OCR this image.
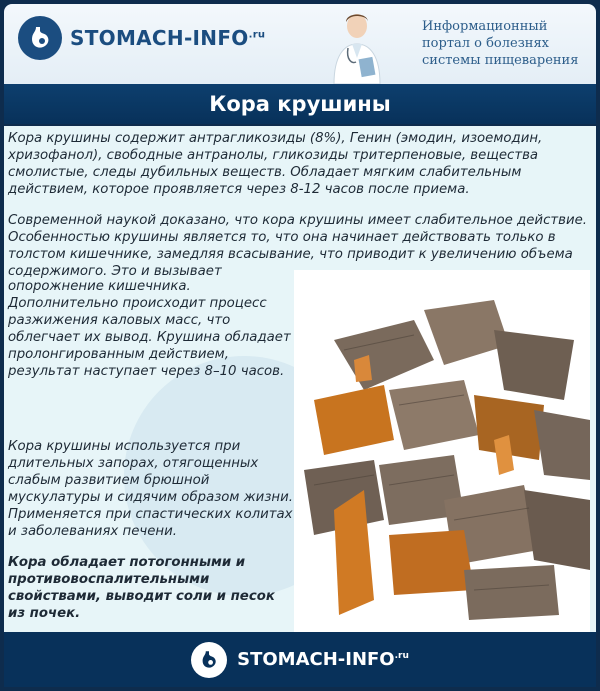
STOMACH-$INFO^{.ru}$
Информационный портал о болезнях системы пищеварения
Кора крушины
Кора крушины содержит антрагликозиды (8%), Генин (эмодин, изоемодин, хризофанол), свободные антранолы, гликозиды тритерпеновые, вещества смолистые, следы дубильных веществ. Обладает мягким слабительным действием, которое проявляется через 8-12 часов после приема.
Современной наукой доказано, что кора крушины имеет слабительное действие. Особенностью крушины является то, что она начинает действовать только в толстом кишечнике, замедляя всасывание, что приводит к увеличению объема содержимого. Это и вызывает
опорожнение кишечника. Дополнительно происходит процесс разжижения каловых масс, что облегчает их вывод. Крушина обладает пролонгированным действием, результат наступает через 8–10 часов.
Кора крушины используется при длительных запорах, отягощенных слабым развитием брюшной мускулатуры и сидячим образом жизни. Применяется при спастических колитах и заболеваниях печени.
Кора обладает потогонными и противовоспалительными свойствами, выводит соли и песок из почек.
STOMACH-$INFO^{.ru}$
